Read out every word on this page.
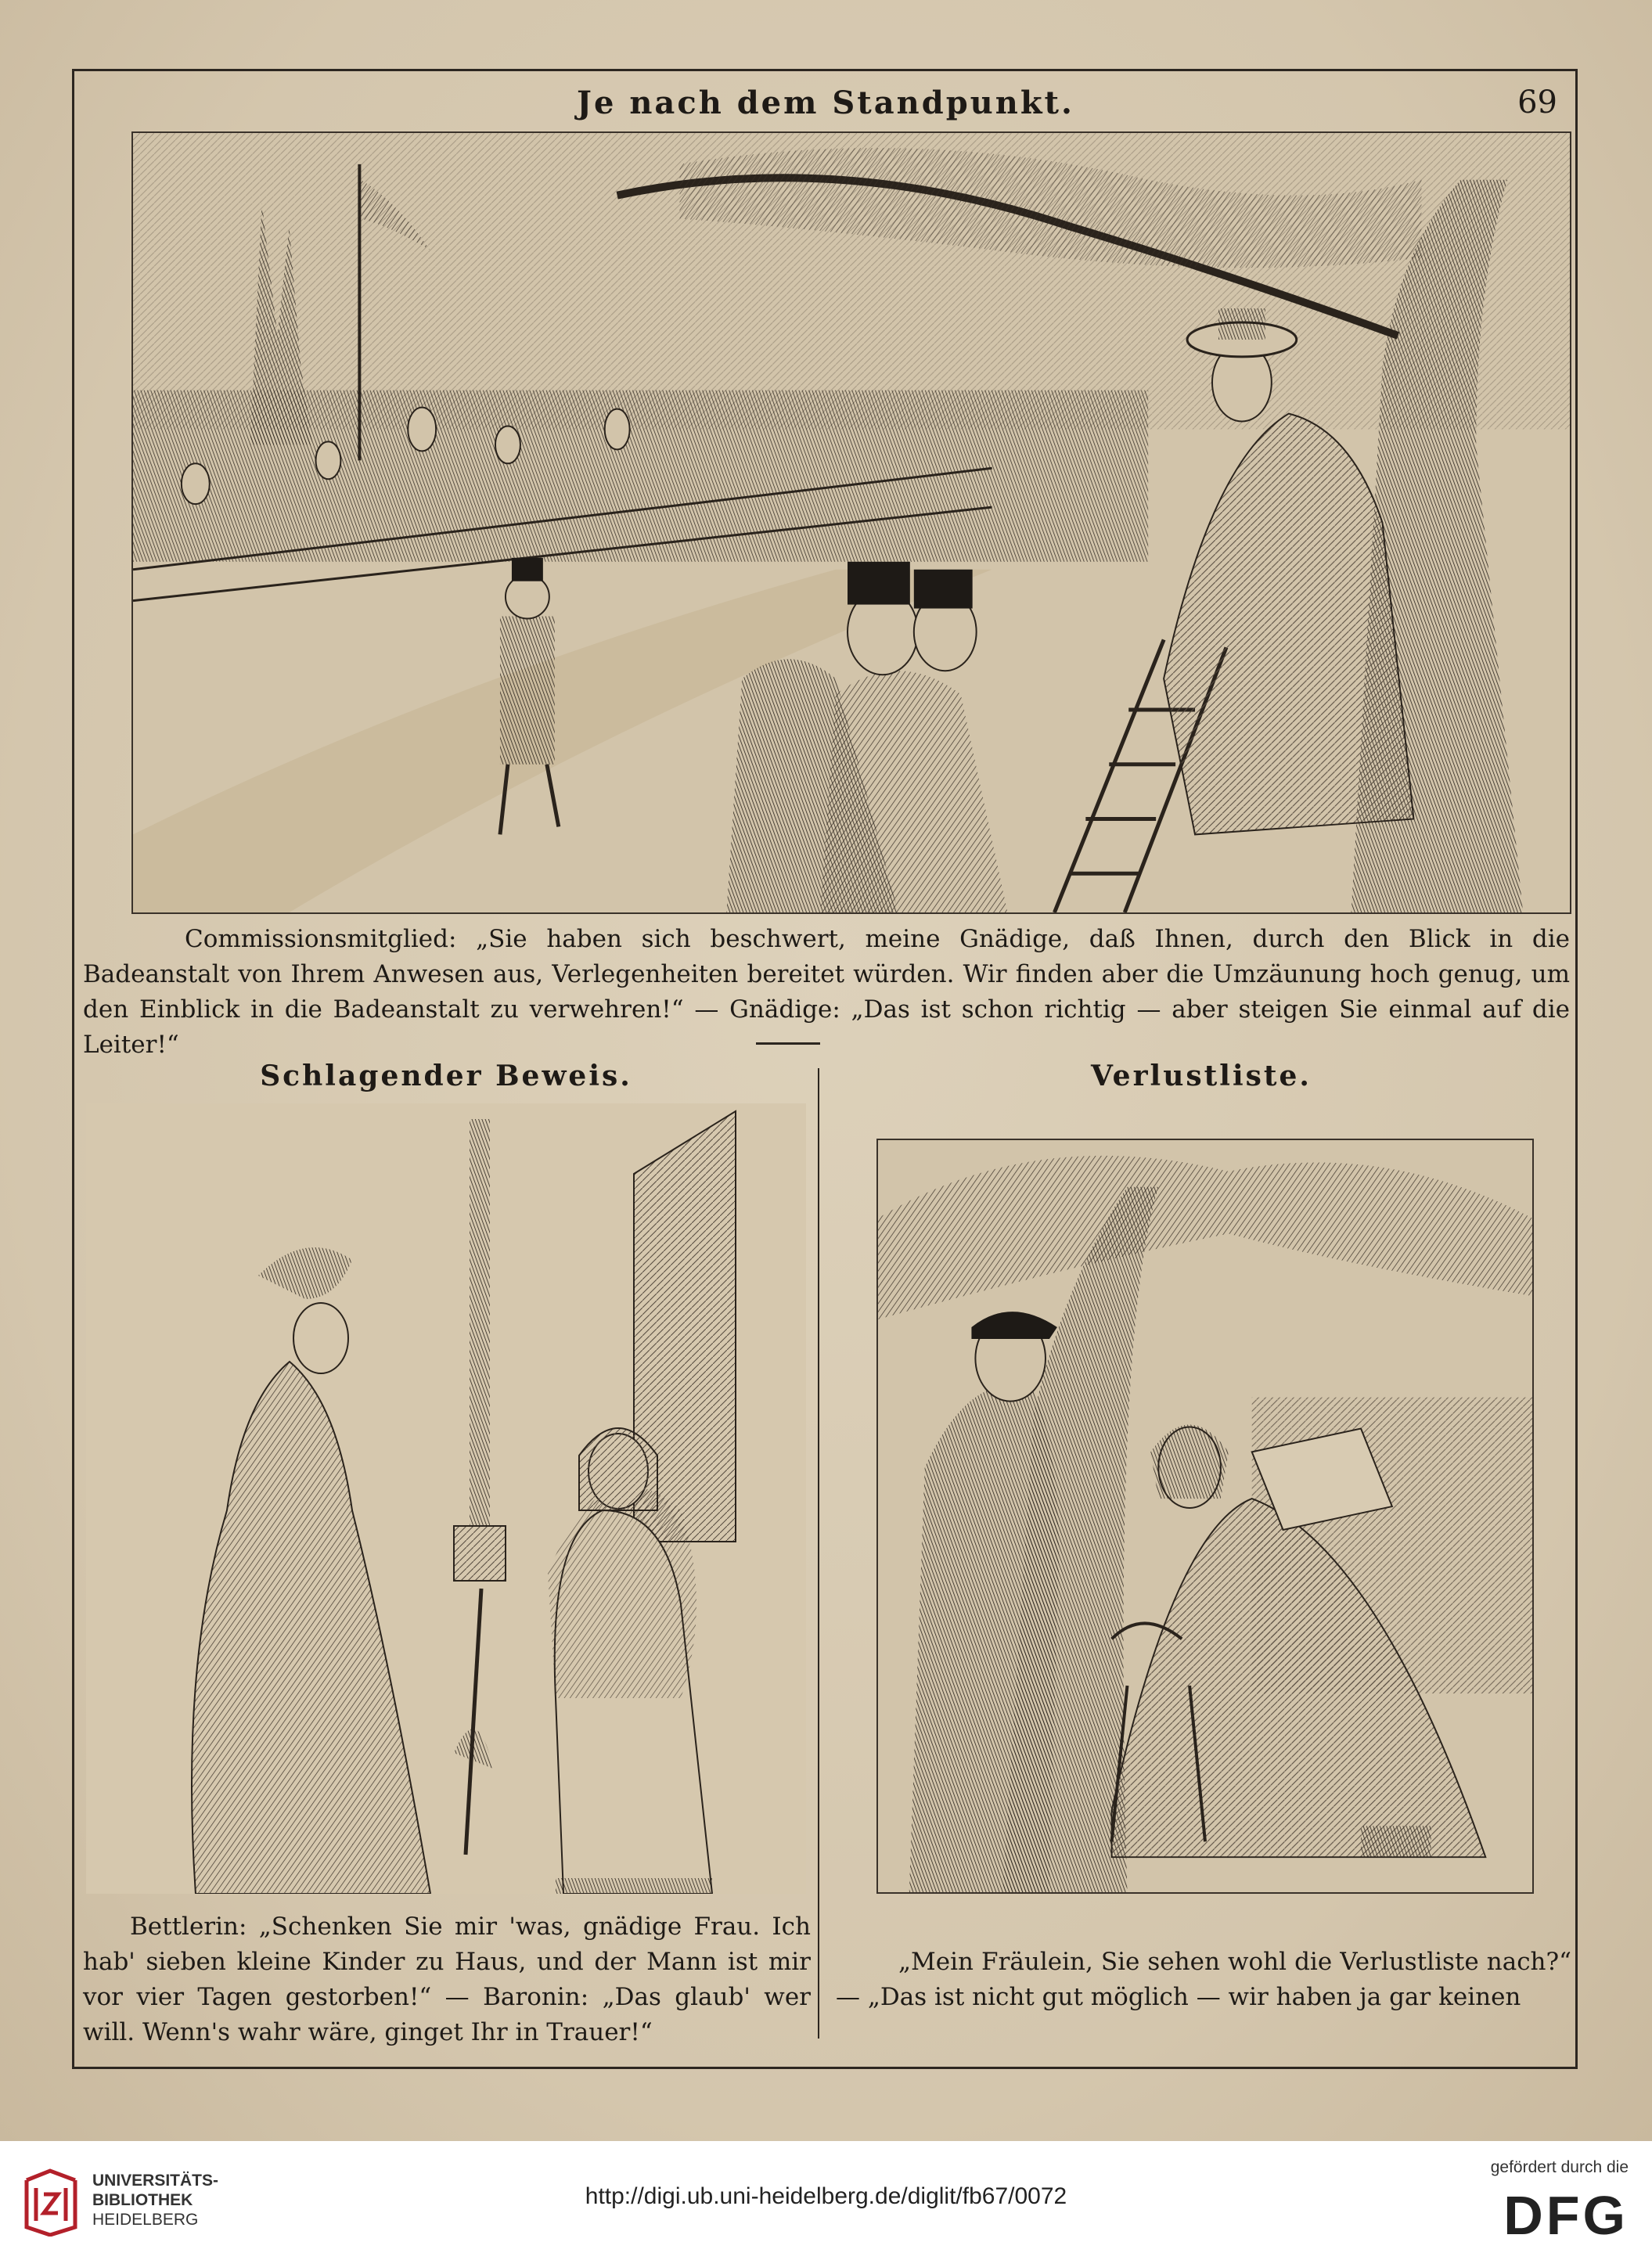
Je nach dem Standpunkt.	69
Commissionsmitglied: „Sie haben sich beschwert, meine Gnädige, daß Ihnen, durch den Blick in die Badeanstalt von Ihrem Anwesen aus, Verlegenheiten bereitet würden. Wir finden aber die Umzäunung hoch genug, um den Einblick in die Badeanstalt zu verwehren!“ — Gnädige: „Das ist schon richtig — aber steigen Sie einmal auf die Leiter!“
Schlagender Beweis.	Verlustliste.
Bettlerin: „Schenken Sie mir 'was, gnädige Frau. Ich hab' sieben kleine Kinder zu Haus, und der Mann ist mir vor vier Tagen gestorben!“ — Baronin: „Das glaub' wer will. Wenn's wahr wäre, ginget Ihr in Trauer!“
„Mein Fräulein, Sie sehen wohl die Verlustliste nach?“ — „Das ist nicht gut möglich — wir haben ja gar keinen
UNIVERSITÄTS-
BIBLIOTHEK
HEIDELBERG
http://digi.ub.uni-heidelberg.de/diglit/fb67/0072
gefördert durch die
DFG
